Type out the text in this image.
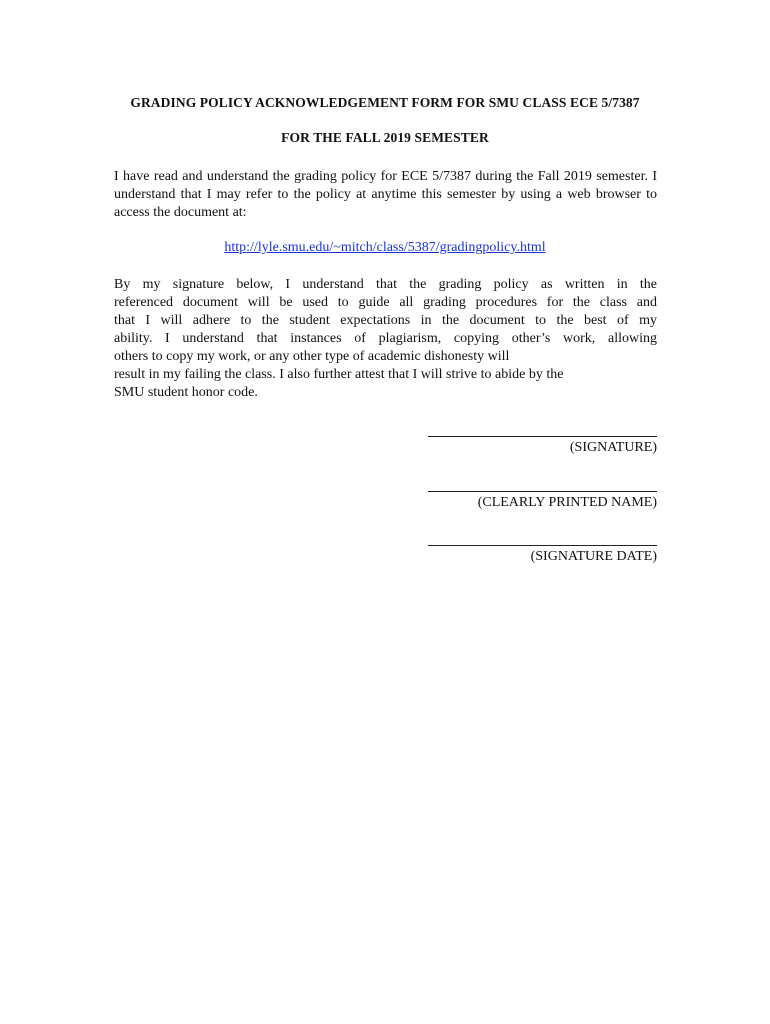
GRADING POLICY ACKNOWLEDGEMENT FORM FOR SMU CLASS ECE 5/7387
FOR THE FALL 2019 SEMESTER

I have read and understand the grading policy for ECE 5/7387 during the Fall 2019 semester. I understand that I may refer to the policy at anytime this semester by using a web browser to access the document at:

http://lyle.smu.edu/~mitch/class/5387/gradingpolicy.html
By my signature below, I understand that the grading policy as written in the
referenced document will be used to guide all grading procedures for the class and
that I will adhere to the student expectations in the document to the best of my
ability. I understand that instances of plagiarism, copying other’s work, allowing
others to copy my work, or any other type of academic dishonesty will
result in my failing the class. I also further attest that I will strive to abide by the
SMU student honor code.
(SIGNATURE)
(CLEARLY PRINTED NAME)
(SIGNATURE DATE)
